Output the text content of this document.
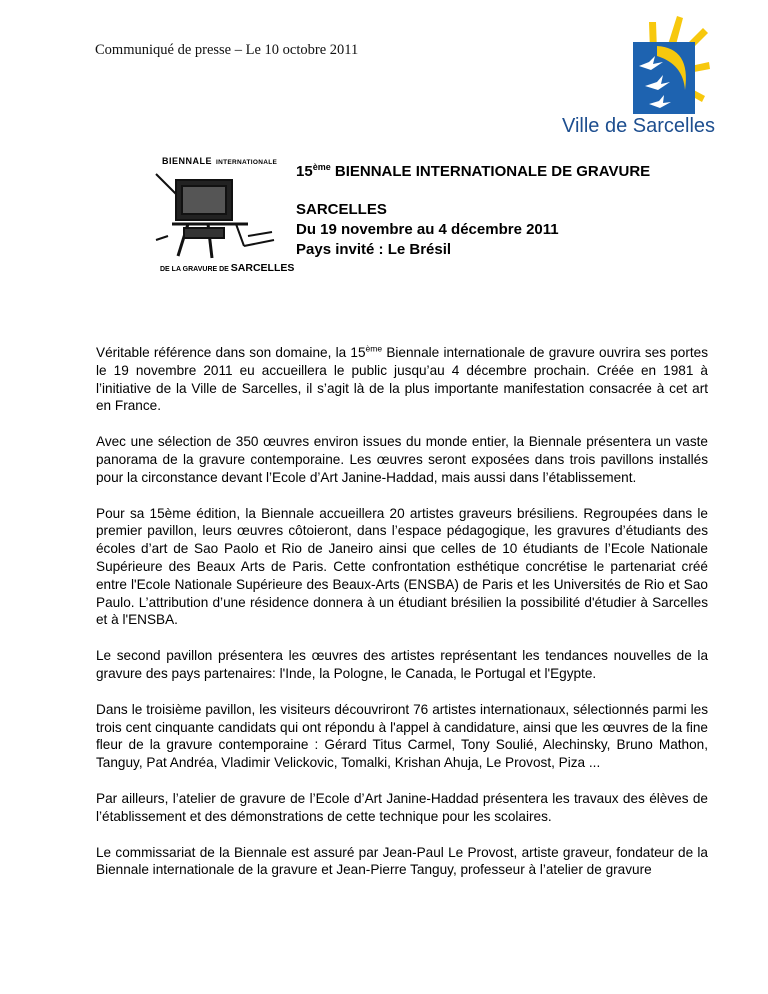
Communiqué de presse – Le 10 octobre 2011
Ville de Sarcelles
BIENNALE INTERNATIONALE
DE LA GRAVURE DE SARCELLES
15ème BIENNALE INTERNATIONALE DE GRAVURE
SARCELLES
Du 19 novembre au 4 décembre 2011
Pays invité : Le Brésil

Véritable référence dans son domaine, la 15ème Biennale internationale de gravure ouvrira ses portes le 19 novembre 2011 eu accueillera le public jusqu’au 4 décembre prochain. Créée en 1981 à l’initiative de la Ville de Sarcelles, il s’agit là de la plus importante manifestation consacrée à cet art en France.

Avec une sélection de 350 œuvres environ issues du monde entier, la Biennale présentera un vaste panorama de la gravure contemporaine. Les œuvres seront exposées dans trois pavillons installés pour la circonstance devant l’Ecole d’Art Janine-Haddad, mais aussi dans l’établissement.

Pour sa 15ème édition, la Biennale accueillera 20 artistes graveurs brésiliens. Regroupées dans le premier pavillon, leurs œuvres côtoieront, dans l’espace pédagogique, les gravures d’étudiants des écoles d’art de Sao Paolo et Rio de Janeiro ainsi que celles de 10 étudiants de l’Ecole Nationale Supérieure des Beaux Arts de Paris. Cette confrontation esthétique concrétise le partenariat créé entre l'Ecole Nationale Supérieure des Beaux-Arts (ENSBA) de Paris et les Universités de Rio et Sao Paulo. L’attribution d’une résidence donnera à un étudiant brésilien la possibilité d'étudier à Sarcelles et à l'ENSBA.

Le second pavillon présentera les œuvres des artistes représentant les tendances nouvelles de la gravure des pays partenaires: l'Inde, la Pologne, le Canada, le Portugal et l'Egypte.

Dans le troisième pavillon, les visiteurs découvriront 76 artistes internationaux, sélectionnés parmi les trois cent cinquante candidats qui ont répondu à l'appel à candidature, ainsi que les œuvres de la fine fleur de la gravure contemporaine : Gérard Titus Carmel, Tony Soulié, Alechinsky, Bruno Mathon, Tanguy, Pat Andréa, Vladimir Velickovic, Tomalki, Krishan Ahuja, Le Provost, Piza ...

Par ailleurs, l’atelier de gravure de l’Ecole d’Art Janine-Haddad présentera les travaux des élèves de l’établissement et des démonstrations de cette technique pour les scolaires.

Le commissariat de la Biennale est assuré par Jean-Paul Le Provost, artiste graveur, fondateur de la Biennale internationale de la gravure et Jean-Pierre Tanguy, professeur à l’atelier de gravure
